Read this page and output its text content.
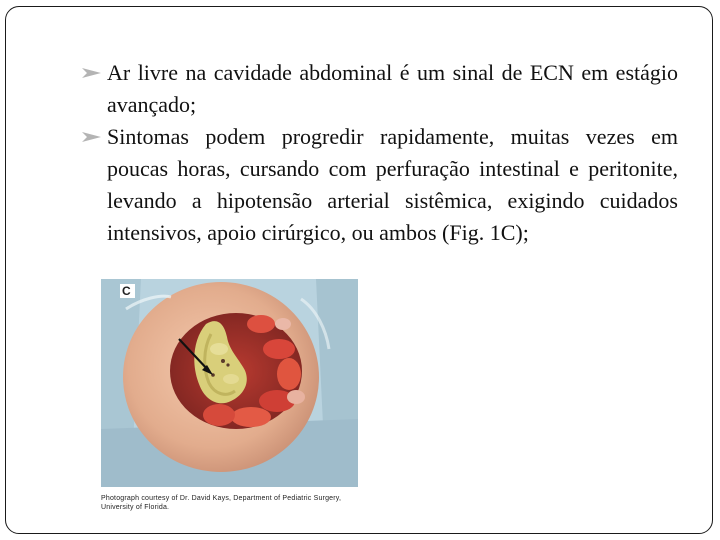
Ar livre na cavidade abdominal é um sinal de ECN em estágio avançado;
Sintomas podem progredir rapidamente, muitas vezes em poucas horas, cursando com perfuração intestinal e peritonite, levando a hipotensão arterial sistêmica, exigindo cuidados intensivos, apoio cirúrgico, ou ambos (Fig. 1C);
C
Photograph courtesy of Dr. David Kays, Department of Pediatric Surgery,
University of Florida.
